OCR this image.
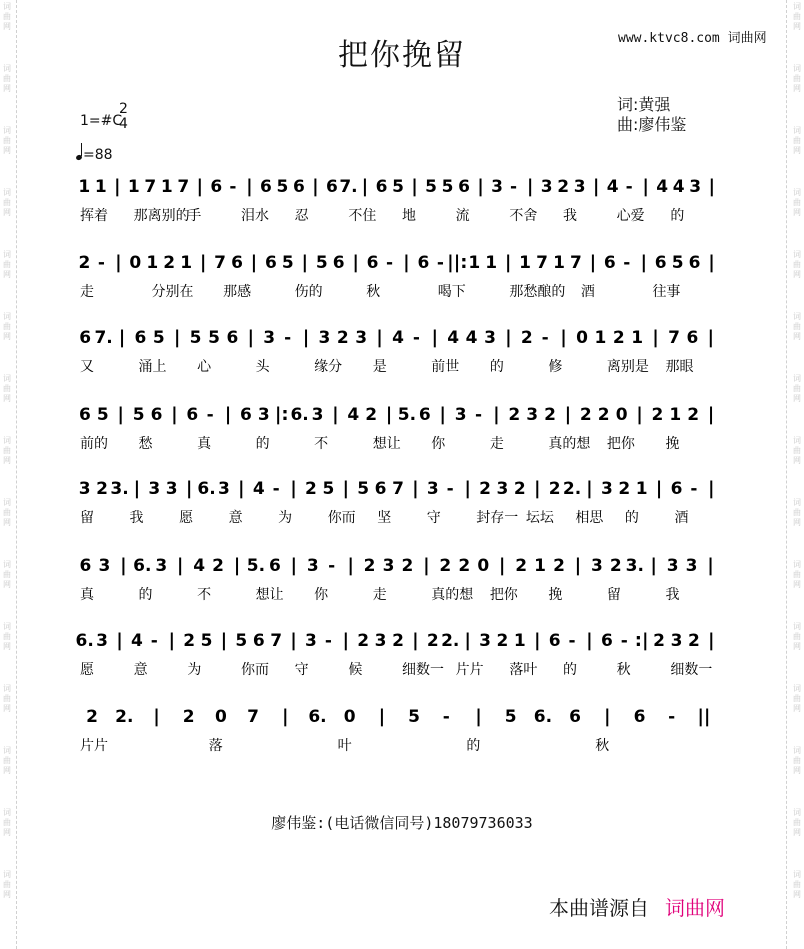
词
曲
网
词
曲
网
词
曲
网
词
曲
网
词
曲
网
词
曲
网
词
曲
网
词
曲
网
词
曲
网
词
曲
网
词
曲
网
词
曲
网
词
曲
网
词
曲
网
词
曲
网
词
曲
网
词
曲
网
词
曲
网
词
曲
网
词
曲
网
词
曲
网
词
曲
网
词
曲
网
词
曲
网
词
曲
网
词
曲
网
词
曲
网
词
曲
网
词
曲
网
词
曲
网
www.ktvc8.com 词曲网
把你挽留
词:黄强
曲:廖伟鉴
1=#C
2
4
=88
1 1 | 1 7 1 7 | 6 - | 6 5 6 | 6 7. | 6 5 | 5 5 6 | 3 - | 3 2 3 | 4 - | 4 4 3 |
挥着 那离别的
手	泪水 忍	不住 地	流	不舍 我	心爱 的
2 - | 0 1 2 1 | 7 6 | 6 5 | 5 6 | 6 - | 6 - ||: 1 1 | 1 7 1 7 | 6 - | 6 5 6 |
走	分别在 那感	伤的	秋	喝下	那愁酿的 酒	往事
6 7. | 6 5 | 5 5 6 | 3 - | 3 2 3 | 4 - | 4 4 3 | 2 - | 0 1 2 1 | 7 6 |
又	涌上 心	头	缘分 是	前世 的	修	离别是 那眼
6 5 | 5 6 | 6 - | 6 3 |: 6. 3 | 4 2 | 5. 6 | 3 - | 2 3 2 | 2 2 0 | 2 1 2 |
前的 愁	真	的	不	想让 你	走	真的想 把你 挽
3 2 3. | 3 3 | 6. 3 | 4 - | 2 5 | 5 6 7 | 3 - | 2 3 2 | 2 2. | 3 2 1 | 6 - |
留	我	愿	意	为	你而 坚	守	封存一 坛坛 相思 的	酒
6 3 | 6. 3 | 4 2 | 5. 6 | 3 - | 2 3 2 | 2 2 0 | 2 1 2 | 3 2 3. | 3 3 |
真	的	不	想让 你	走	真的想 把你 挽	留	我
6. 3 | 4 - | 2 5 | 5 6 7 | 3 - | 2 3 2 | 2 2. | 3 2 1 | 6 - | 6 - :| 2 3 2 |
愿	意	为	你而 守	候	细数一 片片 落叶 的	秋	细数一
2 2. | 2 0 7 | 6. 0 | 5 - | 5 6. 6 | 6 - ||
片片	落	叶	的	秋
廖伟鉴:(电话微信同号)18079736033
本曲谱源自 词曲网
